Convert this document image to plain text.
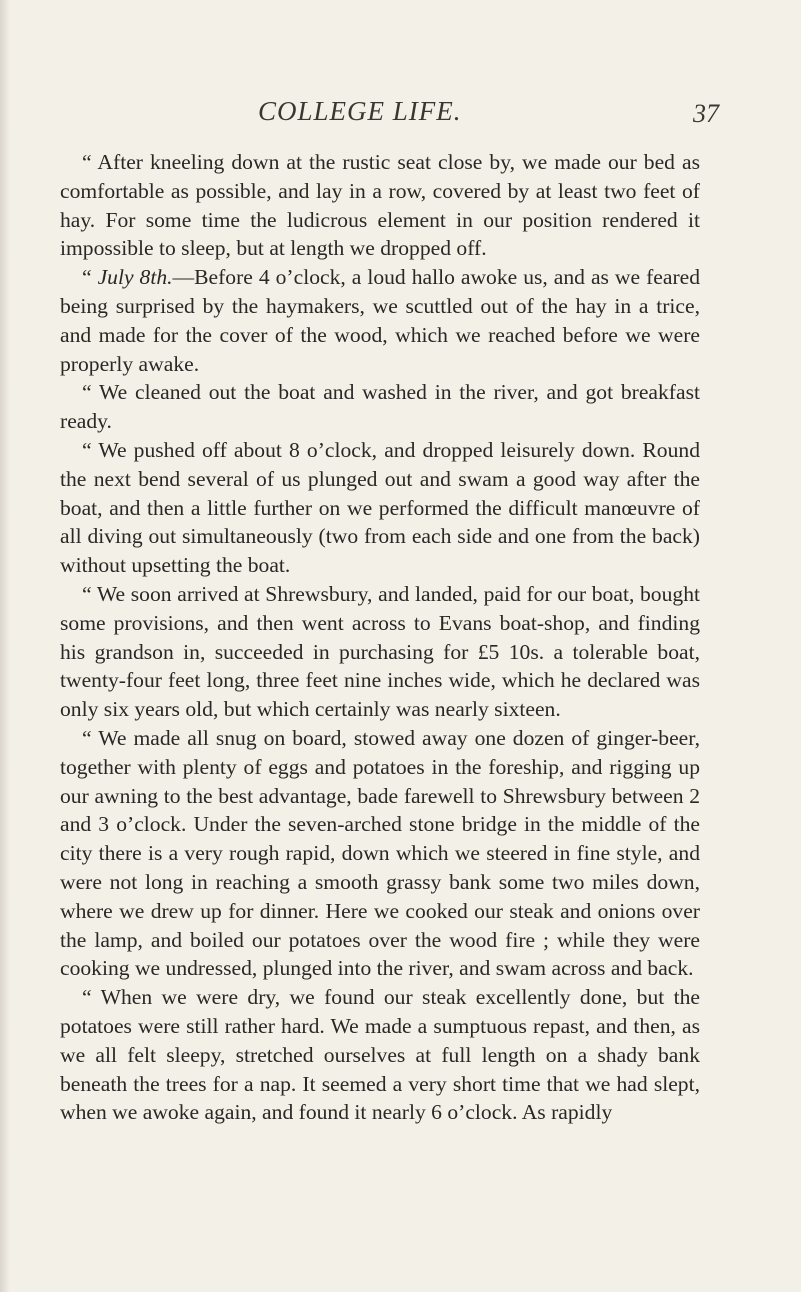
COLLEGE LIFE.	37

“ After kneeling down at the rustic seat close by, we made our bed as comfortable as possible, and lay in a row, covered by at least two feet of hay. For some time the ludicrous element in our position rendered it impossible to sleep, but at length we dropped off.

“ July 8th.—Before 4 o’clock, a loud hallo awoke us, and as we feared being surprised by the haymakers, we scuttled out of the hay in a trice, and made for the cover of the wood, which we reached before we were properly awake.

“ We cleaned out the boat and washed in the river, and got breakfast ready.

“ We pushed off about 8 o’clock, and dropped leisurely down. Round the next bend several of us plunged out and swam a good way after the boat, and then a little further on we performed the difficult manœuvre of all diving out simultaneously (two from each side and one from the back) without upsetting the boat.

“ We soon arrived at Shrewsbury, and landed, paid for our boat, bought some provisions, and then went across to Evans boat-shop, and finding his grandson in, succeeded in purchasing for £5 10s. a tolerable boat, twenty-four feet long, three feet nine inches wide, which he declared was only six years old, but which certainly was nearly sixteen.

“ We made all snug on board, stowed away one dozen of ginger-beer, together with plenty of eggs and potatoes in the foreship, and rigging up our awning to the best advantage, bade farewell to Shrewsbury between 2 and 3 o’clock. Under the seven-arched stone bridge in the middle of the city there is a very rough rapid, down which we steered in fine style, and were not long in reaching a smooth grassy bank some two miles down, where we drew up for dinner. Here we cooked our steak and onions over the lamp, and boiled our potatoes over the wood fire ; while they were cooking we undressed, plunged into the river, and swam across and back.

“ When we were dry, we found our steak excellently done, but the potatoes were still rather hard. We made a sumptuous repast, and then, as we all felt sleepy, stretched ourselves at full length on a shady bank beneath the trees for a nap. It seemed a very short time that we had slept, when we awoke again, and found it nearly 6 o’clock. As rapidly
